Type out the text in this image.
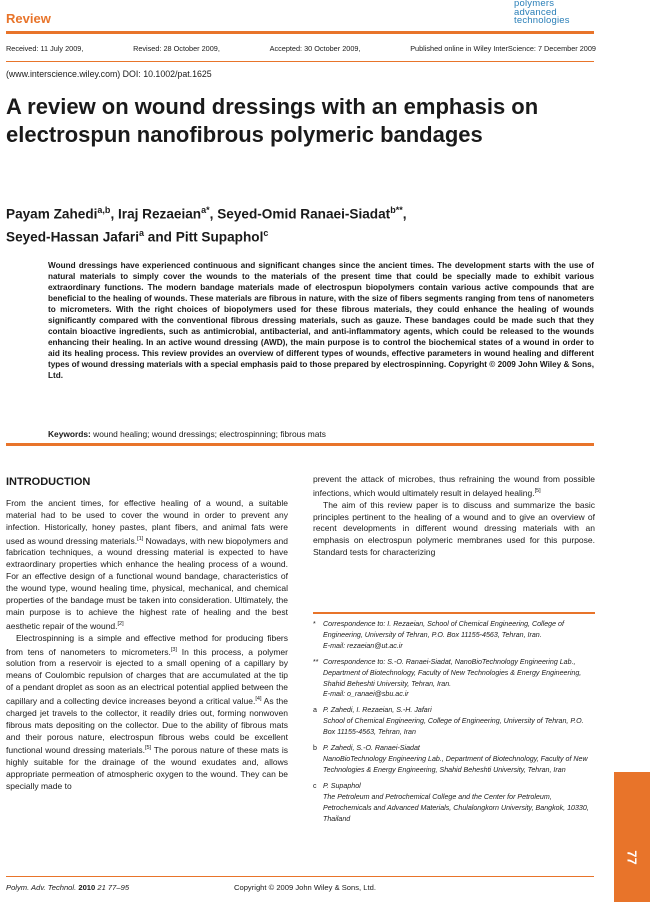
Review
polymers
advanced
technologies
Received: 11 July 2009,	Revised: 28 October 2009,	Accepted: 30 October 2009,	Published online in Wiley InterScience: 7 December 2009
(www.interscience.wiley.com) DOI: 10.1002/pat.1625
A review on wound dressings with an emphasis on electrospun nanofibrous polymeric bandages
Payam Zahedi$^{a,b}$, Iraj Rezaeian$^{a*}$, Seyed-Omid Ranaei-Siadat$^{b**}$,
Seyed-Hassan Jafari$^a$ and Pitt Supaphol$^c$

Wound dressings have experienced continuous and significant changes since the ancient times. The development starts with the use of natural materials to simply cover the wounds to the materials of the present time that could be specially made to exhibit various extraordinary functions. The modern bandage materials made of electrospun biopolymers contain various active compounds that are beneficial to the healing of wounds. These materials are fibrous in nature, with the size of fibers segments ranging from tens of nanometers to micrometers. With the right choices of biopolymers used for these fibrous materials, they could enhance the healing of wounds significantly compared with the conventional fibrous dressing materials, such as gauze. These bandages could be made such that they contain bioactive ingredients, such as antimicrobial, antibacterial, and anti-inflammatory agents, which could be released to the wounds enhancing their healing. In an active wound dressing (AWD), the main purpose is to control the biochemical states of a wound in order to aid its healing process. This review provides an overview of different types of wounds, effective parameters in wound healing and different types of wound dressing materials with a special emphasis paid to those prepared by electrospinning. Copyright © 2009 John Wiley & Sons, Ltd.

Keywords: wound healing; wound dressings; electrospinning; fibrous mats
INTRODUCTION

From the ancient times, for effective healing of a wound, a suitable material had to be used to cover the wound in order to prevent any infection. Historically, honey pastes, plant fibers, and animal fats were used as wound dressing materials.[1] Nowadays, with new biopolymers and fabrication techniques, a wound dressing material is expected to have extraordinary properties which enhance the healing process of a wound. For an effective design of a functional wound bandage, characteristics of the wound type, wound healing time, physical, mechanical, and chemical properties of the bandage must be taken into consideration. Ultimately, the main purpose is to achieve the highest rate of healing and the best aesthetic repair of the wound.[2]

Electrospinning is a simple and effective method for producing fibers from tens of nanometers to micrometers.[3] In this process, a polymer solution from a reservoir is ejected to a small opening of a capillary by means of Coulombic repulsion of charges that are accumulated at the tip of a pendant droplet as soon as an electrical potential applied between the capillary and a collecting device increases beyond a critical value.[4] As the charged jet travels to the collector, it readily dries out, forming nonwoven fibrous mats depositing on the collector. Due to the ability of fibrous mats and their porous nature, electrospun fibrous webs could be excellent functional wound dressing materials.[5] The porous nature of these mats is highly suitable for the drainage of the wound exudates and, allows appropriate permeation of atmospheric oxygen to the wound. They can be specially made to

prevent the attack of microbes, thus refraining the wound from possible infections, which would ultimately result in delayed healing.[5]

The aim of this review paper is to discuss and summarize the basic principles pertinent to the healing of a wound and to give an overview of recent developments in different wound dressing materials with an emphasis on electrospun polymeric membranes used for this purpose. Standard tests for characterizing

*	Correspondence to: I. Rezaeian, School of Chemical Engineering, College of Engineering, University of Tehran, P.O. Box 11155-4563, Tehran, Iran.
E-mail: rezaeian@ut.ac.ir
** Correspondence to: S.-O. Ranaei-Siadat, NanoBioTechnology Engineering Lab., Department of Biotechnology, Faculty of New Technologies & Energy Engineering, Shahid Beheshti University, Tehran, Iran.
E-mail: o_ranaei@sbu.ac.ir
a P. Zahedi, I. Rezaeian, S.-H. Jafari
School of Chemical Engineering, College of Engineering, University of Tehran, P.O. Box 11155-4563, Tehran, Iran
b P. Zahedi, S.-O. Ranaei-Siadat
NanoBioTechnology Engineering Lab., Department of Biotechnology, Faculty of New Technologies & Energy Engineering, Shahid Beheshti University, Tehran, Iran
c P. Supaphol
The Petroleum and Petrochemical College and the Center for Petroleum, Petrochemicals and Advanced Materials, Chulalongkorn University, Bangkok, 10330, Thailand
Polym. Adv. Technol. 2010 21 77–95	Copyright © 2009 John Wiley & Sons, Ltd.
77
